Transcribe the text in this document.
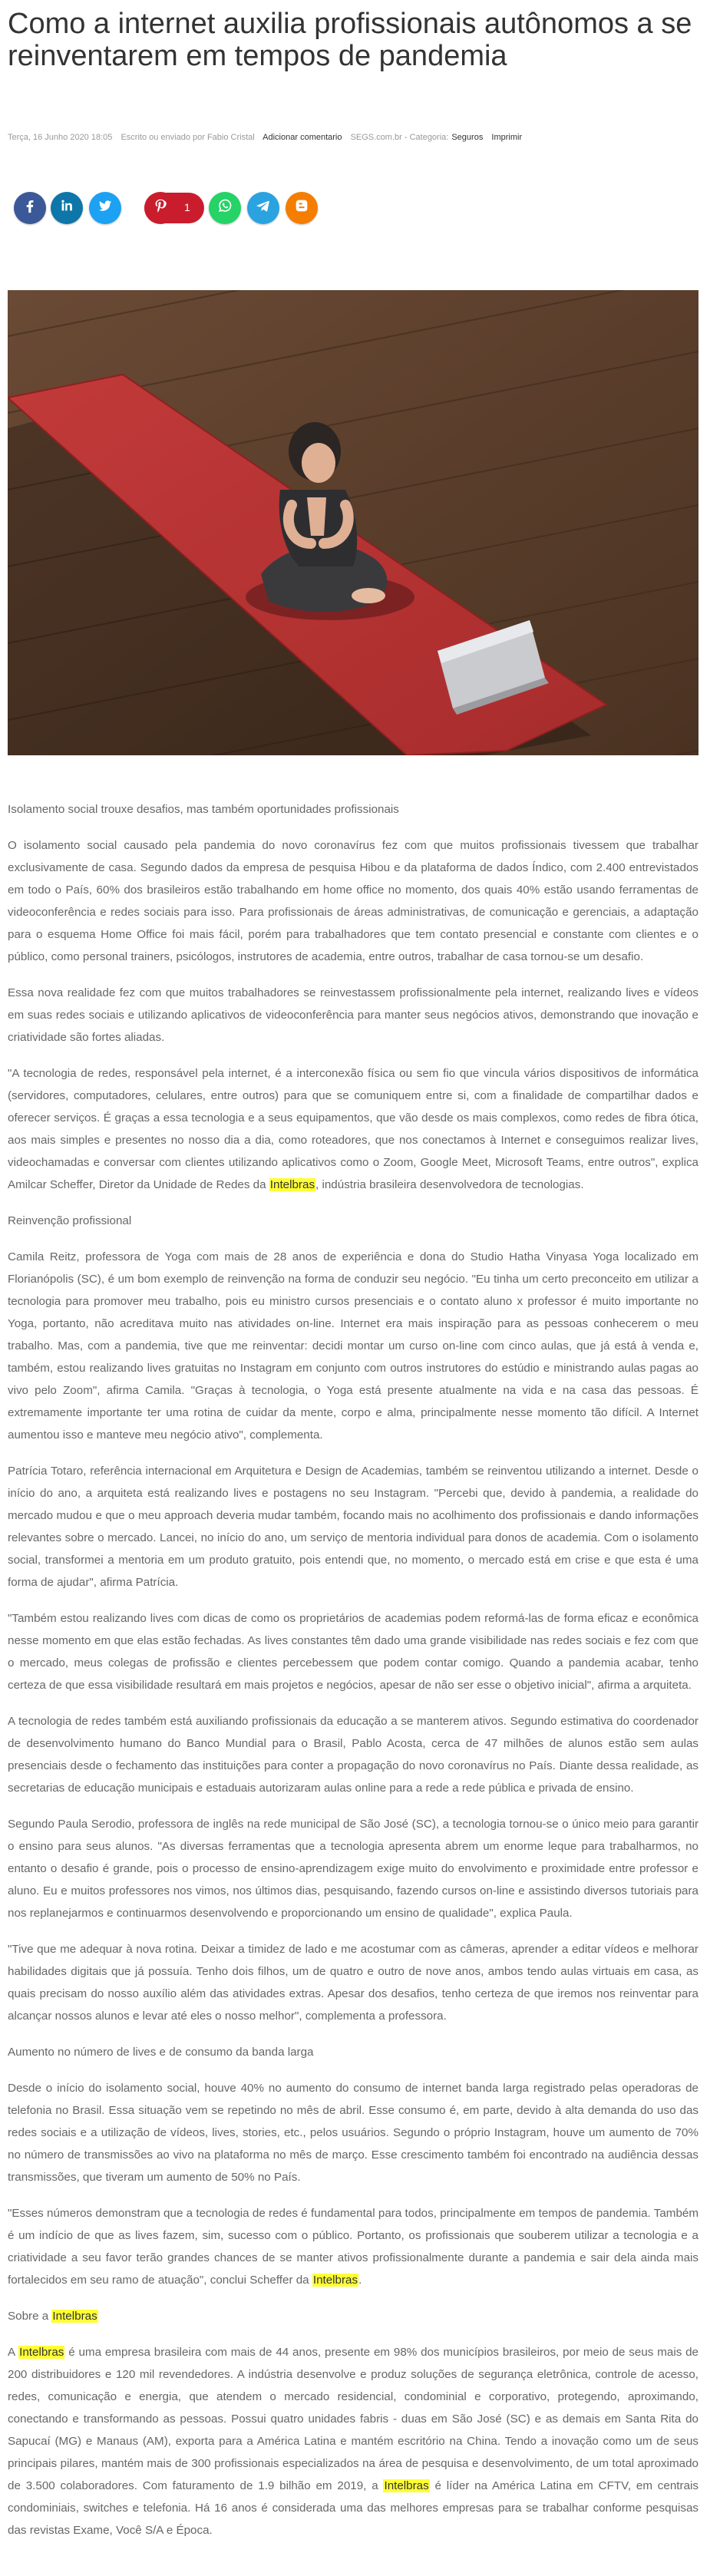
Como a internet auxilia profissionais autônomos a se reinventarem em tempos de pandemia
Terça, 16 Junho 2020 18:05 Escrito ou enviado por Fabio Cristal Adicionar comentario SEGS.com.br - Categoria: Seguros Imprimir
1

Isolamento social trouxe desafios, mas também oportunidades profissionais

O isolamento social causado pela pandemia do novo coronavírus fez com que muitos profissionais tivessem que trabalhar exclusivamente de casa. Segundo dados da empresa de pesquisa Hibou e da plataforma de dados Índico, com 2.400 entrevistados em todo o País, 60% dos brasileiros estão trabalhando em home office no momento, dos quais 40% estão usando ferramentas de videoconferência e redes sociais para isso. Para profissionais de áreas administrativas, de comunicação e gerenciais, a adaptação para o esquema Home Office foi mais fácil, porém para trabalhadores que tem contato presencial e constante com clientes e o público, como personal trainers, psicólogos, instrutores de academia, entre outros, trabalhar de casa tornou-se um desafio.

Essa nova realidade fez com que muitos trabalhadores se reinvestassem profissionalmente pela internet, realizando lives e vídeos em suas redes sociais e utilizando aplicativos de videoconferência para manter seus negócios ativos, demonstrando que inovação e criatividade são fortes aliadas.

"A tecnologia de redes, responsável pela internet, é a interconexão física ou sem fio que vincula vários dispositivos de informática (servidores, computadores, celulares, entre outros) para que se comuniquem entre si, com a finalidade de compartilhar dados e oferecer serviços. É graças a essa tecnologia e a seus equipamentos, que vão desde os mais complexos, como redes de fibra ótica, aos mais simples e presentes no nosso dia a dia, como roteadores, que nos conectamos à Internet e conseguimos realizar lives, videochamadas e conversar com clientes utilizando aplicativos como o Zoom, Google Meet, Microsoft Teams, entre outros", explica Amilcar Scheffer, Diretor da Unidade de Redes da Intelbras, indústria brasileira desenvolvedora de tecnologias.

Reinvenção profissional

Camila Reitz, professora de Yoga com mais de 28 anos de experiência e dona do Studio Hatha Vinyasa Yoga localizado em Florianópolis (SC), é um bom exemplo de reinvenção na forma de conduzir seu negócio. "Eu tinha um certo preconceito em utilizar a tecnologia para promover meu trabalho, pois eu ministro cursos presenciais e o contato aluno x professor é muito importante no Yoga, portanto, não acreditava muito nas atividades on-line. Internet era mais inspiração para as pessoas conhecerem o meu trabalho. Mas, com a pandemia, tive que me reinventar: decidi montar um curso on-line com cinco aulas, que já está à venda e, também, estou realizando lives gratuitas no Instagram em conjunto com outros instrutores do estúdio e ministrando aulas pagas ao vivo pelo Zoom", afirma Camila. "Graças à tecnologia, o Yoga está presente atualmente na vida e na casa das pessoas. É extremamente importante ter uma rotina de cuidar da mente, corpo e alma, principalmente nesse momento tão difícil. A Internet aumentou isso e manteve meu negócio ativo", complementa.

Patrícia Totaro, referência internacional em Arquitetura e Design de Academias, também se reinventou utilizando a internet. Desde o início do ano, a arquiteta está realizando lives e postagens no seu Instagram. "Percebi que, devido à pandemia, a realidade do mercado mudou e que o meu approach deveria mudar também, focando mais no acolhimento dos profissionais e dando informações relevantes sobre o mercado. Lancei, no início do ano, um serviço de mentoria individual para donos de academia. Com o isolamento social, transformei a mentoria em um produto gratuito, pois entendi que, no momento, o mercado está em crise e que esta é uma forma de ajudar", afirma Patrícia.

"Também estou realizando lives com dicas de como os proprietários de academias podem reformá-las de forma eficaz e econômica nesse momento em que elas estão fechadas. As lives constantes têm dado uma grande visibilidade nas redes sociais e fez com que o mercado, meus colegas de profissão e clientes percebessem que podem contar comigo. Quando a pandemia acabar, tenho certeza de que essa visibilidade resultará em mais projetos e negócios, apesar de não ser esse o objetivo inicial", afirma a arquiteta.

A tecnologia de redes também está auxiliando profissionais da educação a se manterem ativos. Segundo estimativa do coordenador de desenvolvimento humano do Banco Mundial para o Brasil, Pablo Acosta, cerca de 47 milhões de alunos estão sem aulas presenciais desde o fechamento das instituições para conter a propagação do novo coronavírus no País. Diante dessa realidade, as secretarias de educação municipais e estaduais autorizaram aulas online para a rede a rede pública e privada de ensino.

Segundo Paula Serodio, professora de inglês na rede municipal de São José (SC), a tecnologia tornou-se o único meio para garantir o ensino para seus alunos. "As diversas ferramentas que a tecnologia apresenta abrem um enorme leque para trabalharmos, no entanto o desafio é grande, pois o processo de ensino-aprendizagem exige muito do envolvimento e proximidade entre professor e aluno. Eu e muitos professores nos vimos, nos últimos dias, pesquisando, fazendo cursos on-line e assistindo diversos tutoriais para nos replanejarmos e continuarmos desenvolvendo e proporcionando um ensino de qualidade", explica Paula.

"Tive que me adequar à nova rotina. Deixar a timidez de lado e me acostumar com as câmeras, aprender a editar vídeos e melhorar habilidades digitais que já possuía. Tenho dois filhos, um de quatro e outro de nove anos, ambos tendo aulas virtuais em casa, as quais precisam do nosso auxílio além das atividades extras. Apesar dos desafios, tenho certeza de que iremos nos reinventar para alcançar nossos alunos e levar até eles o nosso melhor", complementa a professora.

Aumento no número de lives e de consumo da banda larga

Desde o início do isolamento social, houve 40% no aumento do consumo de internet banda larga registrado pelas operadoras de telefonia no Brasil. Essa situação vem se repetindo no mês de abril. Esse consumo é, em parte, devido à alta demanda do uso das redes sociais e a utilização de vídeos, lives, stories, etc., pelos usuários. Segundo o próprio Instagram, houve um aumento de 70% no número de transmissões ao vivo na plataforma no mês de março. Esse crescimento também foi encontrado na audiência dessas transmissões, que tiveram um aumento de 50% no País.

"Esses números demonstram que a tecnologia de redes é fundamental para todos, principalmente em tempos de pandemia. Também é um indício de que as lives fazem, sim, sucesso com o público. Portanto, os profissionais que souberem utilizar a tecnologia e a criatividade a seu favor terão grandes chances de se manter ativos profissionalmente durante a pandemia e sair dela ainda mais fortalecidos em seu ramo de atuação", conclui Scheffer da Intelbras.

Sobre a Intelbras

A Intelbras é uma empresa brasileira com mais de 44 anos, presente em 98% dos municípios brasileiros, por meio de seus mais de 200 distribuidores e 120 mil revendedores. A indústria desenvolve e produz soluções de segurança eletrônica, controle de acesso, redes, comunicação e energia, que atendem o mercado residencial, condominial e corporativo, protegendo, aproximando, conectando e transformando as pessoas. Possui quatro unidades fabris - duas em São José (SC) e as demais em Santa Rita do Sapucaí (MG) e Manaus (AM), exporta para a América Latina e mantém escritório na China. Tendo a inovação como um de seus principais pilares, mantém mais de 300 profissionais especializados na área de pesquisa e desenvolvimento, de um total aproximado de 3.500 colaboradores. Com faturamento de 1.9 bilhão em 2019, a Intelbras é líder na América Latina em CFTV, em centrais condominiais, switches e telefonia. Há 16 anos é considerada uma das melhores empresas para se trabalhar conforme pesquisas das revistas Exame, Você S/A e Época.
